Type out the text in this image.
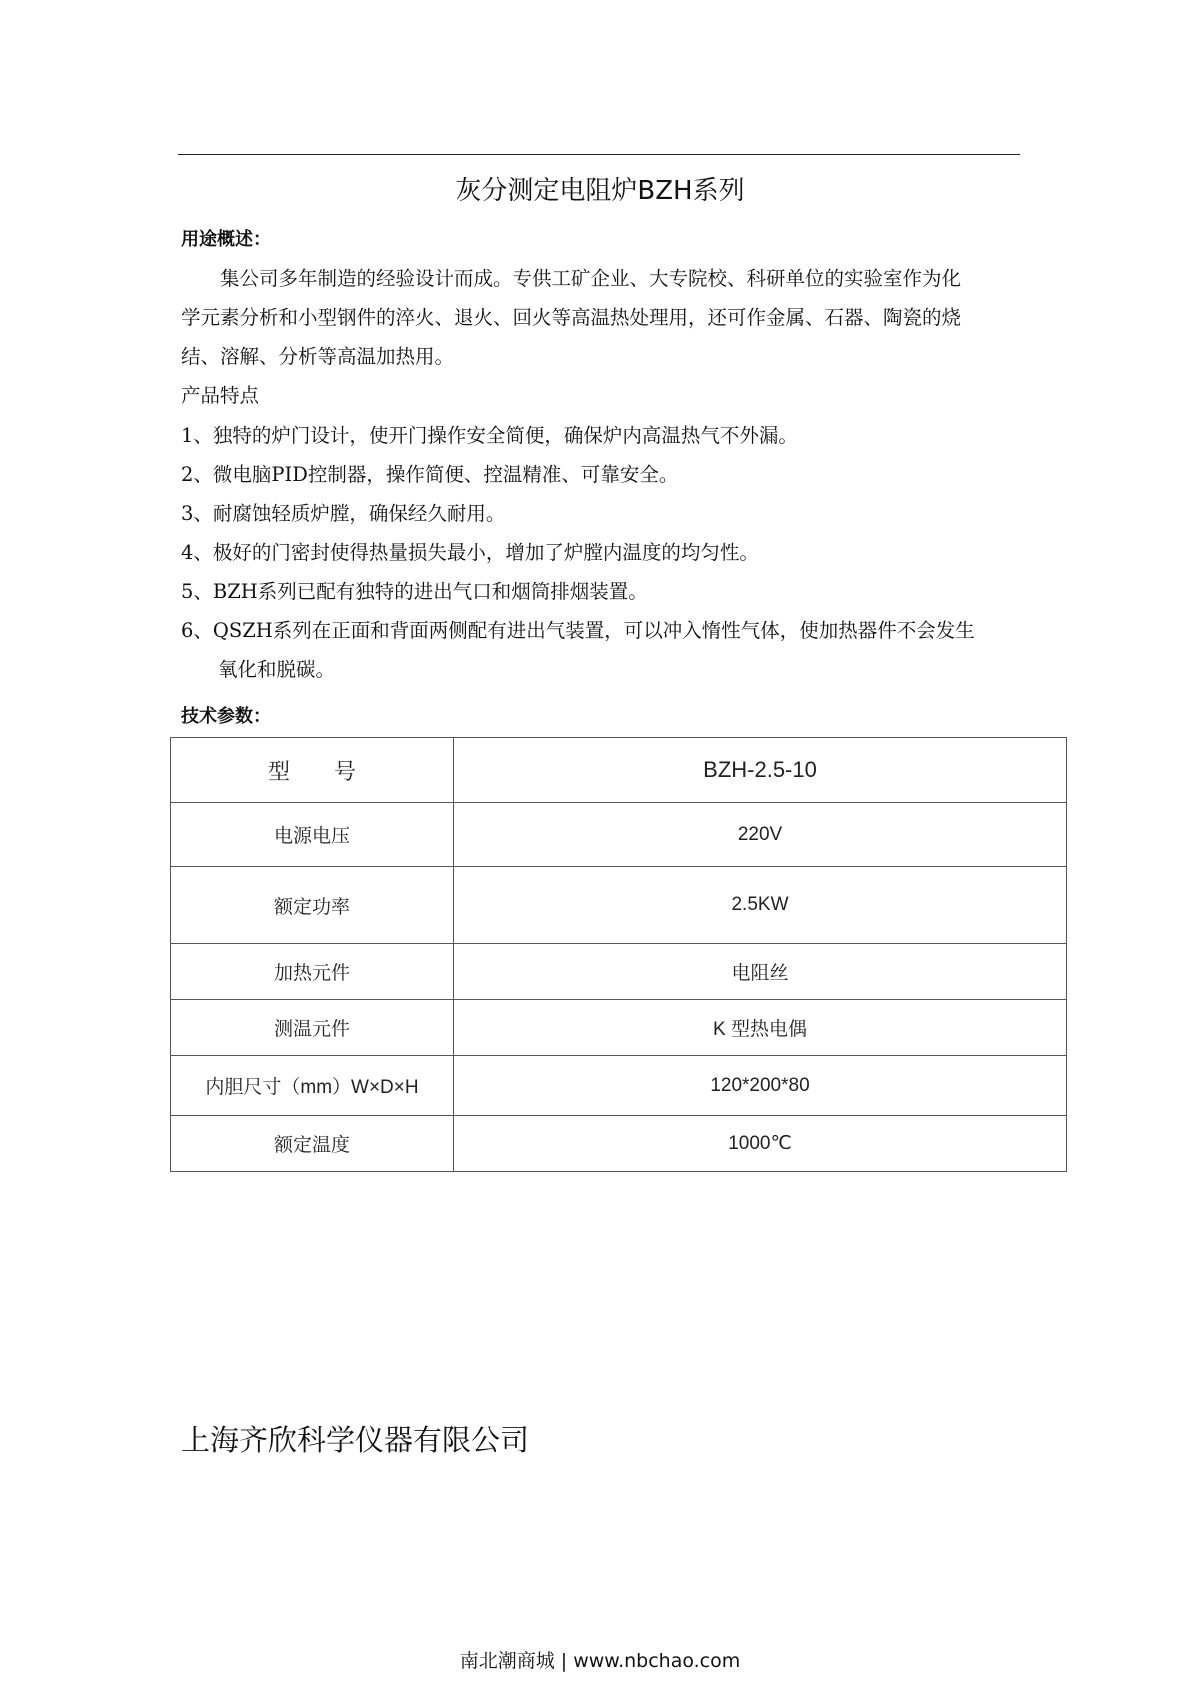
灰分测定电阻炉BZH系列
用途概述：
集公司多年制造的经验设计而成。专供工矿企业、大专院校、科研单位的实验室作为化
学元素分析和小型钢件的淬火、退火、回火等高温热处理用，还可作金属、石器、陶瓷的烧
结、溶解、分析等高温加热用。
产品特点
1、独特的炉门设计，使开门操作安全简便，确保炉内高温热气不外漏。
2、微电脑PID控制器，操作简便、控温精准、可靠安全。
3、耐腐蚀轻质炉膛，确保经久耐用。
4、极好的门密封使得热量损失最小，增加了炉膛内温度的均匀性。
5、BZH系列已配有独特的进出气口和烟筒排烟装置。
6、QSZH系列在正面和背面两侧配有进出气装置，可以冲入惰性气体，使加热器件不会发生
氧化和脱碳。
技术参数：
型　　号	BZH-2.5-10
电源电压	220V
额定功率	2.5KW
加热元件	电阻丝
测温元件	K 型热电偶
内胆尺寸（mm）W×D×H	120*200*80
额定温度	1000℃
上海齐欣科学仪器有限公司
南北潮商城 | www.nbchao.com
